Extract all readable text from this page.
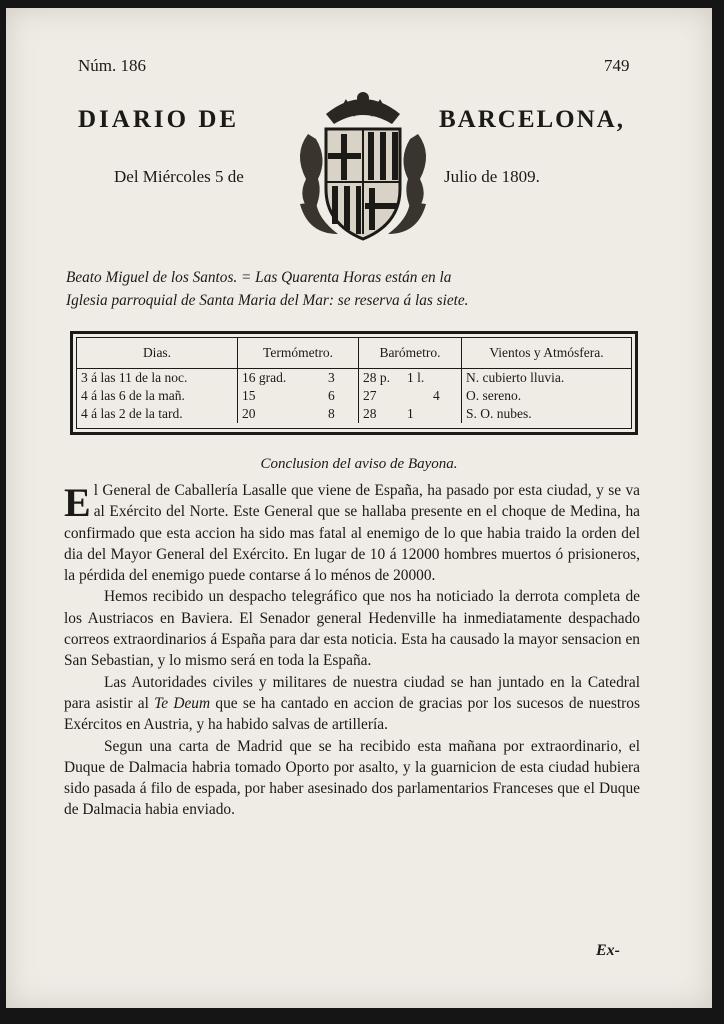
Núm. 186	749
DIARIO DE	BARCELONA,
Del Miércoles 5 de	Julio de 1809.

Beato Miguel de los Santos. = Las Quarenta Horas están en la

Iglesia parroquial de Santa Maria del Mar: se reserva á las siete.

Dias.	Termómetro.	Barómetro.	Vientos y Atmósfera.
3 á las 11 de la noc.	16 grad. 3	28 p. 1 l.	N. cubierto lluvia.
4 á las 6 de la mañ.	15 6	27 4	O. sereno.
4 á las 2 de la tard.	20 8	28 1	S. O. nubes.
Conclusion del aviso de Bayona.

El General de Caballería Lasalle que viene de España, ha pasado por esta ciudad, y se va al Exército del Norte. Este General que se hallaba presente en el choque de Medina, ha confirmado que esta accion ha sido mas fatal al enemigo de lo que habia traido la orden del dia del Mayor General del Exército. En lugar de 10 á 12000 hombres muertos ó prisioneros, la pérdida del enemigo puede contarse á lo ménos de 20000.

Hemos recibido un despacho telegráfico que nos ha noticiado la derrota completa de los Austriacos en Baviera. El Senador general Hedenville ha inmediatamente despachado correos extraordinarios á España para dar esta noticia. Esta ha causado la mayor sensacion en San Sebastian, y lo mismo será en toda la España.

Las Autoridades civiles y militares de nuestra ciudad se han juntado en la Catedral para asistir al Te Deum que se ha cantado en accion de gracias por los sucesos de nuestros Exércitos en Austria, y ha habido salvas de artillería.

Segun una carta de Madrid que se ha recibido esta mañana por extraordinario, el Duque de Dalmacia habria tomado Oporto por asalto, y la guarnicion de esta ciudad hubiera sido pasada á filo de espada, por haber asesinado dos parlamentarios Franceses que el Duque de Dalmacia habia enviado.

Ex-
